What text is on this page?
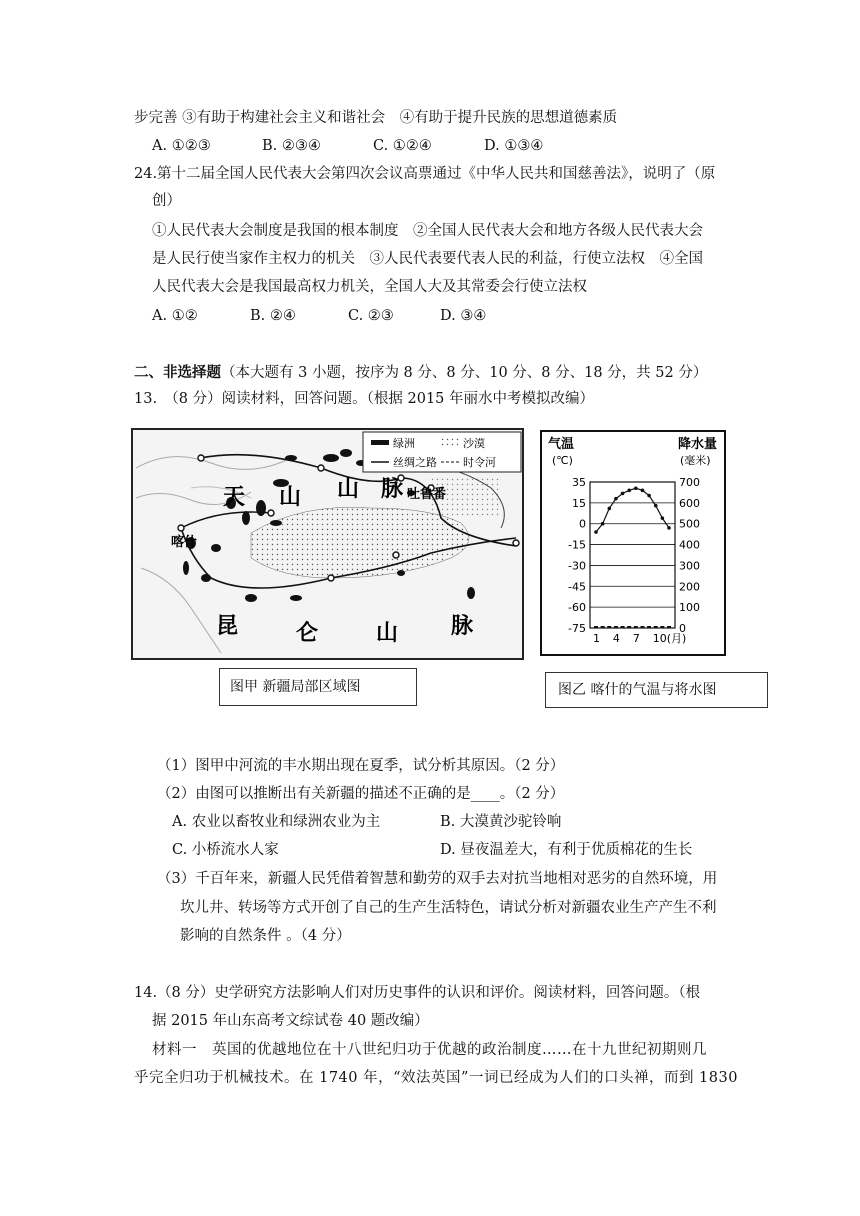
步完善 ③有助于构建社会主义和谐社会　④有助于提升民族的思想道德素质
A. ①②③	B. ②③④	C. ①②④	D. ①③④
24.第十二届全国人民代表大会第四次会议高票通过《中华人民共和国慈善法》，说明了（原
创）
①人民代表大会制度是我国的根本制度　②全国人民代表大会和地方各级人民代表大会
是人民行使当家作主权力的机关　③人民代表要代表人民的利益，行使立法权　④全国
人民代表大会是我国最高权力机关，全国人大及其常委会行使立法权
A. ①②	B. ②④	C. ②③	D. ③④
二、非选择题（本大题有 3 小题，按序为 8 分、8 分、10 分、8 分、18 分，共 52 分）
13.　（8 分）阅读材料，回答问题。（根据 2015 年丽水中考模拟改编）
绿洲	沙漠
丝绸之路 时令河
天 山 山 脉 吐鲁番
喀什
昆	仑	山 脉
气温
(℃)
降水量
(毫米)
35	700
15	600
0	500
-15	400
-30	300
-45	200
-60	100
-75	0
1 4 7 10(月)
图甲 新疆局部区域图	图乙 喀什的气温与将水图
（1）图甲中河流的丰水期出现在夏季，试分析其原因。（2 分）
（2）由图可以推断出有关新疆的描述不正确的是____。（2 分）
A. 农业以畜牧业和绿洲农业为主	B. 大漠黄沙驼铃响
C. 小桥流水人家	D. 昼夜温差大，有利于优质棉花的生长
（3）千百年来，新疆人民凭借着智慧和勤劳的双手去对抗当地相对恶劣的自然环境，用
坎儿井、转场等方式开创了自己的生产生活特色，请试分析对新疆农业生产产生不利
影响的自然条件 。（4 分）
14.（8 分）史学研究方法影响人们对历史事件的认识和评价。阅读材料，回答问题。（根
据 2015 年山东高考文综试卷 40 题改编）
材料一　英国的优越地位在十八世纪归功于优越的政治制度……在十九世纪初期则几
乎完全归功于机械技术。在 1740 年，“效法英国”一词已经成为人们的口头禅，而到 1830
